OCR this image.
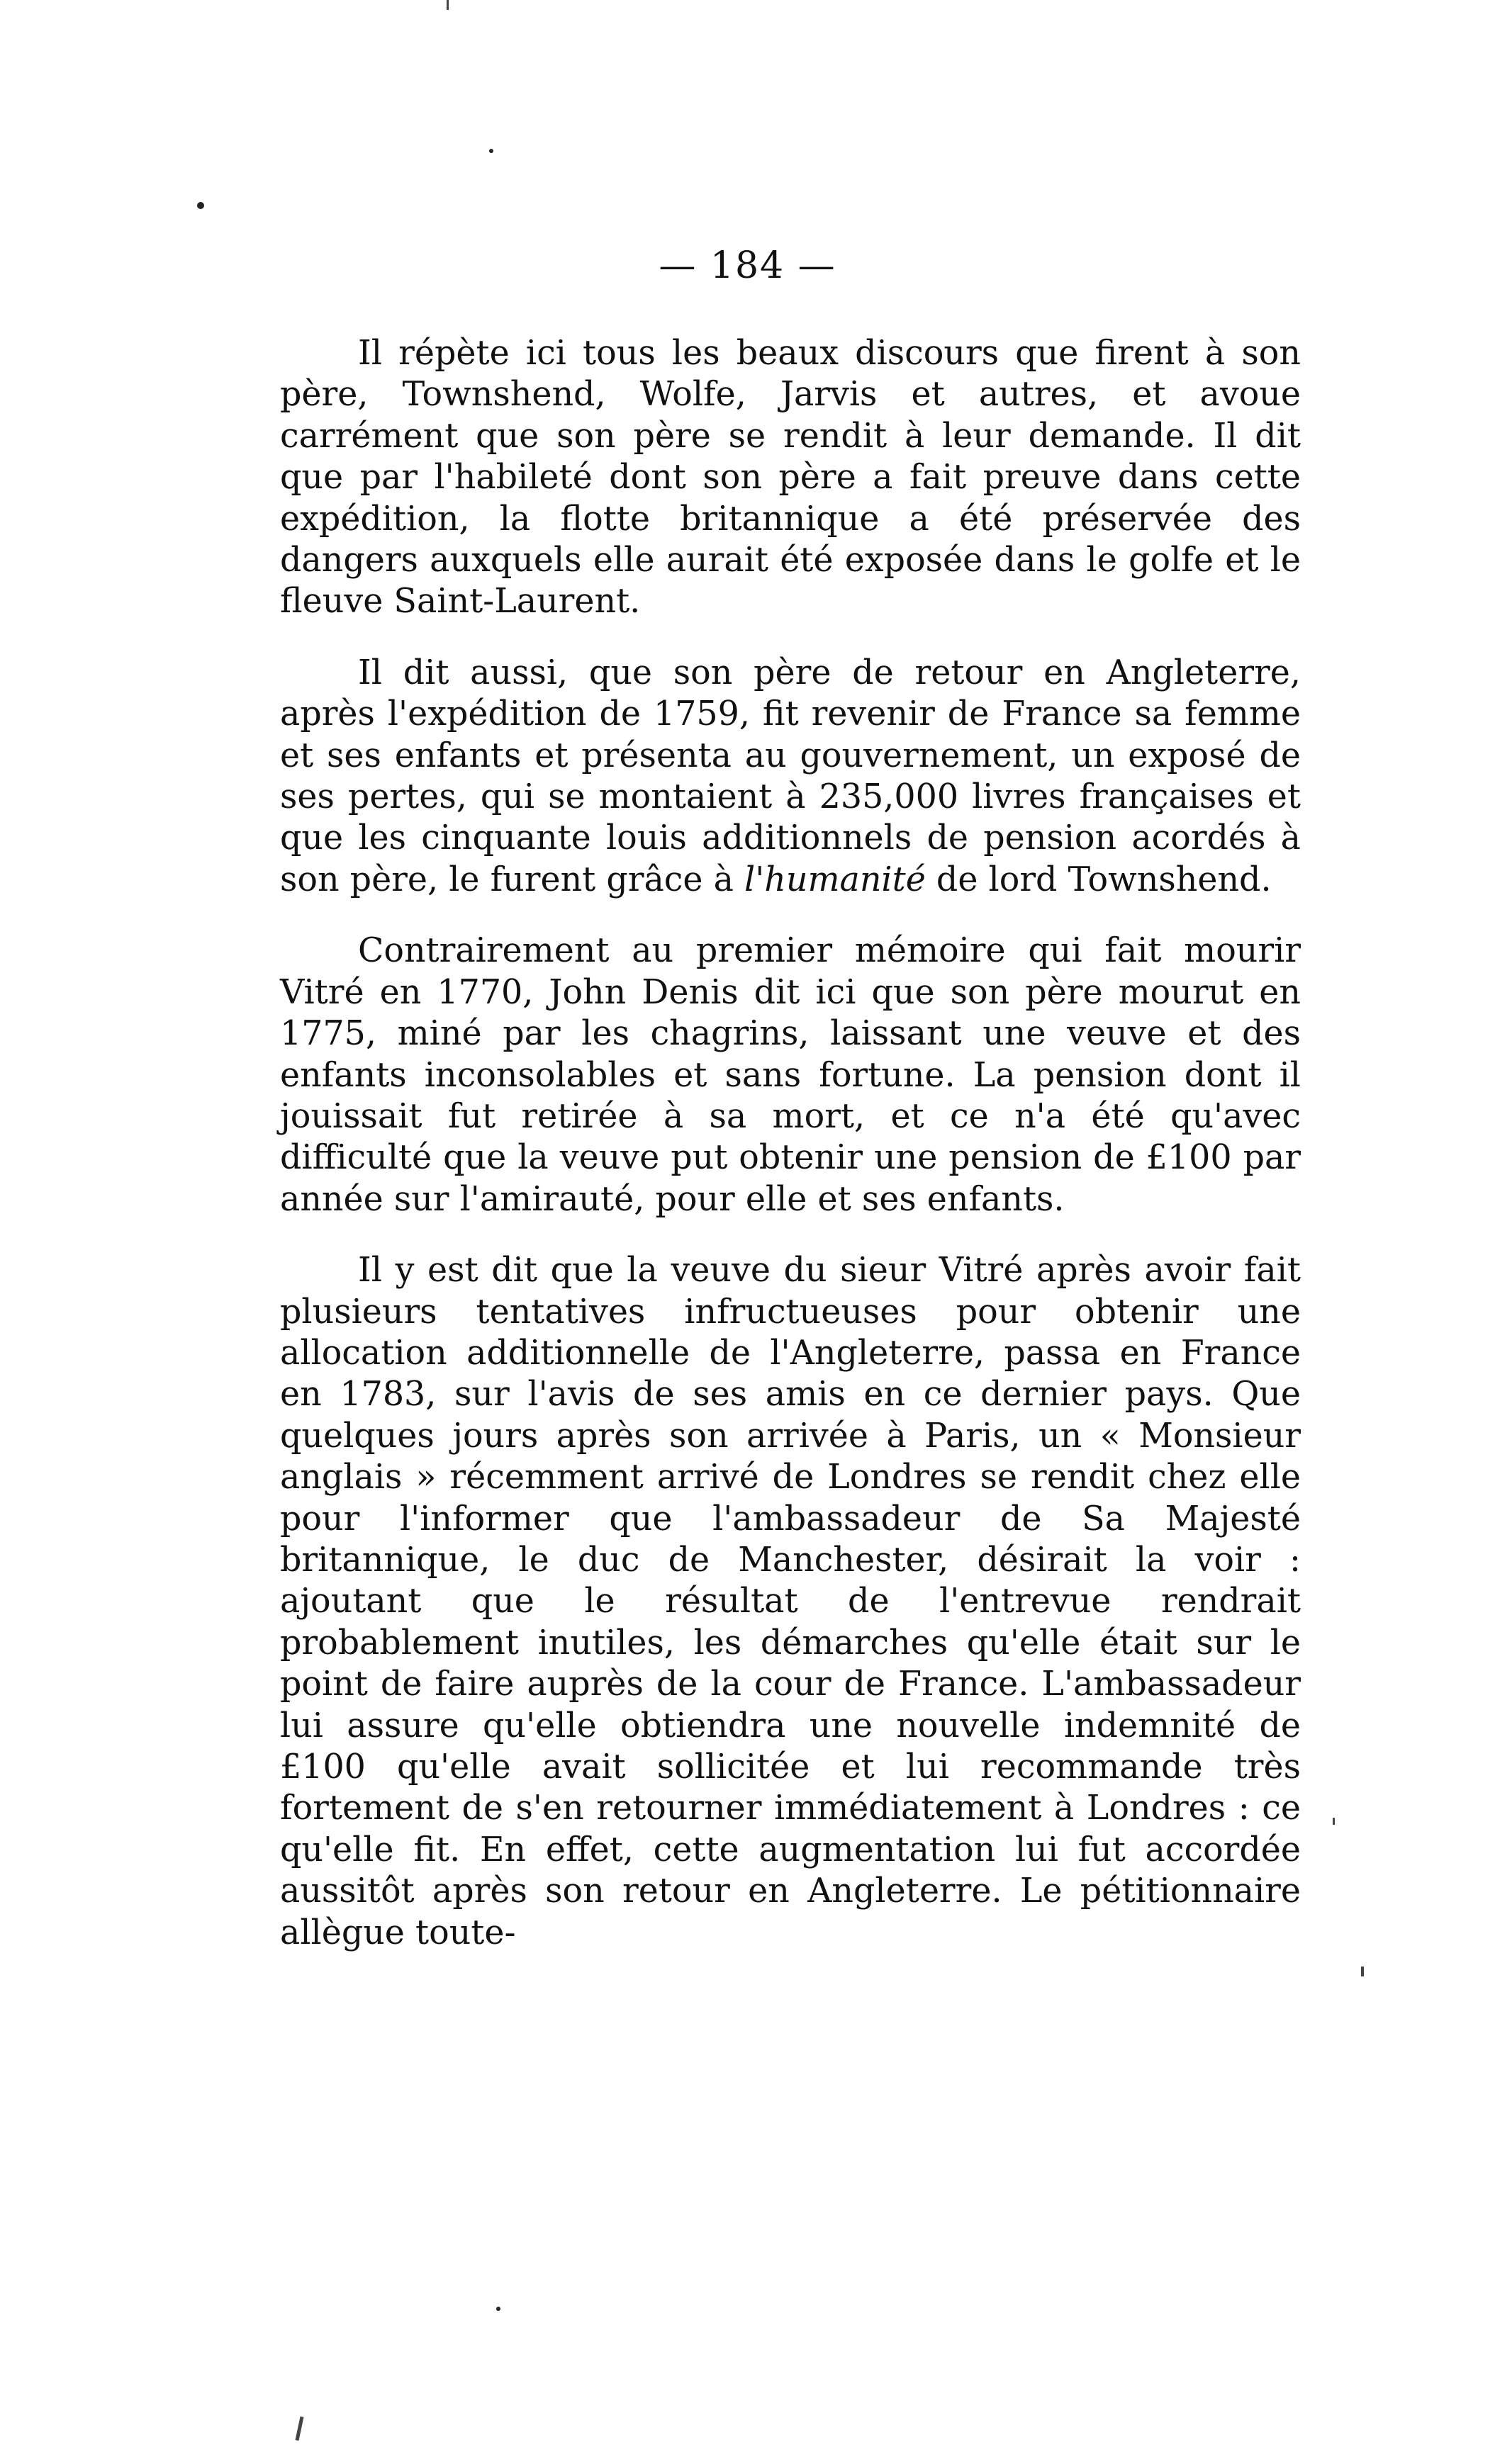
— 184 —

Il répète ici tous les beaux discours que firent à son père, Townshend, Wolfe, Jarvis et autres, et avoue carrément que son père se rendit à leur demande. Il dit que par l'habileté dont son père a fait preuve dans cette expédition, la flotte britannique a été préservée des dangers auxquels elle aurait été exposée dans le golfe et le fleuve Saint-Laurent.

Il dit aussi, que son père de retour en Angleterre, après l'expédition de 1759, fit revenir de France sa femme et ses enfants et présenta au gouvernement, un exposé de ses pertes, qui se montaient à 235,000 livres françaises et que les cinquante louis additionnels de pension acordés à son père, le furent grâce à l'humanité de lord Townshend.

Contrairement au premier mémoire qui fait mourir Vitré en 1770, John Denis dit ici que son père mourut en 1775, miné par les chagrins, laissant une veuve et des enfants inconsolables et sans fortune. La pension dont il jouissait fut retirée à sa mort, et ce n'a été qu'avec difficulté que la veuve put obtenir une pension de £100 par année sur l'amirauté, pour elle et ses enfants.

Il y est dit que la veuve du sieur Vitré après avoir fait plusieurs tentatives infructueuses pour obtenir une allocation additionnelle de l'Angleterre, passa en France en 1783, sur l'avis de ses amis en ce dernier pays. Que quelques jours après son arrivée à Paris, un « Monsieur anglais » récemment arrivé de Londres se rendit chez elle pour l'informer que l'ambassadeur de Sa Majesté britannique, le duc de Manchester, désirait la voir : ajoutant que le résultat de l'entrevue rendrait probablement inutiles, les démarches qu'elle était sur le point de faire auprès de la cour de France. L'ambassadeur lui assure qu'elle obtiendra une nouvelle indemnité de £100 qu'elle avait sollicitée et lui recommande très fortement de s'en retourner immédiatement à Londres : ce qu'elle fit. En effet, cette augmentation lui fut accordée aussitôt après son retour en Angleterre. Le pétitionnaire allègue toute-
